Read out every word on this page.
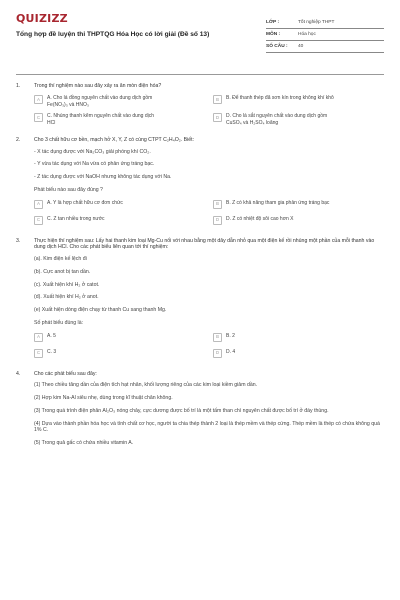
QUIZIZZ
Tổng hợp đề luyện thi THPTQG Hóa Học có lời giải (Đề số 13)
LỚP :	Tốt nghiệp THPT
MÔN :	Hóa học
SỐ CÂU :	40
1.	Trong thí nghiệm nào sau đây xảy ra ăn mòn điện hóa?
A	A. Cho lá đồng nguyên chất vào dung dịch gồm
Fe(NO₃)₃ và HNO₃
B	B. Để thanh thép đã sơn kín trong không khí khô
C	C. Nhúng thanh kẽm nguyên chất vào dung dịch
HCl
D	D. Cho lá sắt nguyên chất vào dung dịch gồm
CuSO₄ và H₂SO₄ loãng
2.	Cho 3 chất hữu cơ bền, mạch hở X, Y, Z có cùng CTPT C₂H₄O₂. Biết:
- X tác dụng được với Na₂CO₃ giải phóng khí CO₂.
- Y vừa tác dụng với Na vừa có phản ứng tráng bạc.
- Z tác dụng được với NaOH nhưng không tác dụng với Na.
Phát biểu nào sau đây đúng ?
A	A. Y là hợp chất hữu cơ đơn chức	B	B. Z có khả năng tham gia phản ứng tráng bạc
C	C. Z tan nhiều trong nước	D	D. Z có nhiệt độ sôi cao hơn X
3.	Thực hiện thí nghiệm sau: Lấy hai thanh kim loại Mg-Cu nối với nhau bằng một dây dẫn nhỏ qua một điện kế rồi nhúng một phần của mỗi thanh vào dung dịch HCl. Cho các phát biểu liên quan tới thí nghiệm:
(a). Kim điện kế lệch đi
(b). Cực anot bị tan dần.
(c). Xuất hiện khí H₂ ở catot.
(d). Xuất hiện khí H₂ ở anot.
(e) Xuất hiện dòng điện chạy từ thanh Cu sang thanh Mg.
Số phát biểu đúng là:
A	A. 5	B	B. 2
C	C. 3	D	D. 4
4.	Cho các phát biểu sau đây:
(1) Theo chiều tăng dần của điện tích hạt nhân, khối lượng riêng của các kim loại kiềm giảm dần.
(2) Hợp kim Na-Al siêu nhẹ, dùng trong kĩ thuật chân không.
(3) Trong quá trình điện phân Al₂O₃ nóng chảy, cực dương được bố trí là một tấm than chì nguyên chất được bố trí ở đáy thùng.
(4) Dựa vào thành phần hóa học và tính chất cơ học, người ta chia thép thành 2 loại là thép mềm và thép cứng. Thép mềm là thép có chứa không quá 1% C.
(5) Trong quả gấc có chứa nhiều vitamin A.
